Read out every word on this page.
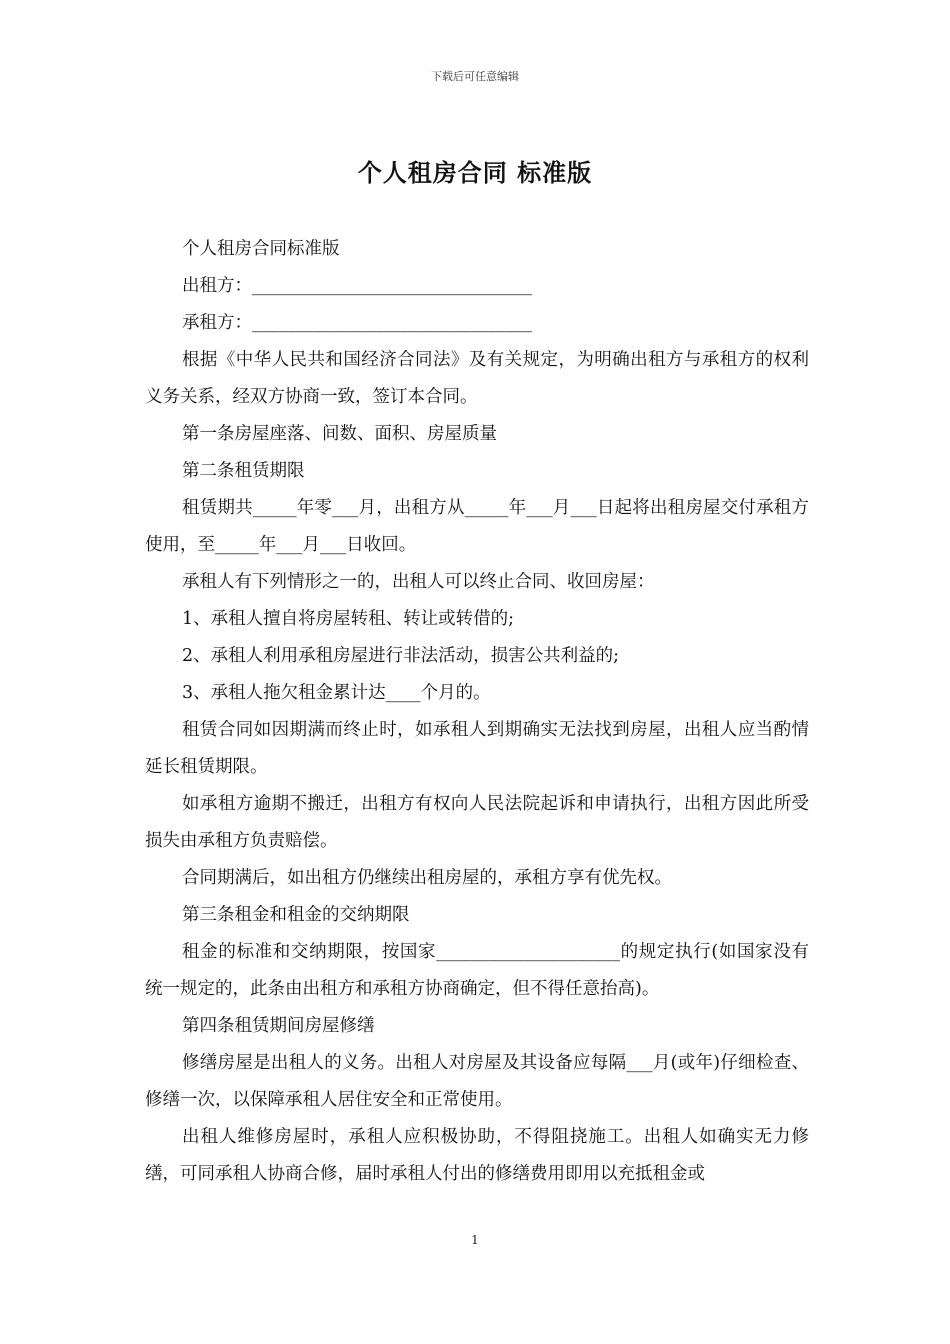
下载后可任意编辑
个人租房合同 标准版

个人租房合同标准版

出租方：________________________________

承租方：________________________________

根据《中华人民共和国经济合同法》及有关规定，为明确出租方与承租方的权利义务关系，经双方协商一致，签订本合同。

第一条房屋座落、间数、面积、房屋质量

第二条租赁期限

租赁期共_____年零___月，出租方从_____年___月___日起将出租房屋交付承租方使用，至_____年___月___日收回。

承租人有下列情形之一的，出租人可以终止合同、收回房屋：

1、承租人擅自将房屋转租、转让或转借的;

2、承租人利用承租房屋进行非法活动，损害公共利益的;

3、承租人拖欠租金累计达____个月的。

租赁合同如因期满而终止时，如承租人到期确实无法找到房屋，出租人应当酌情延长租赁期限。

如承租方逾期不搬迁，出租方有权向人民法院起诉和申请执行，出租方因此所受损失由承租方负责赔偿。

合同期满后，如出租方仍继续出租房屋的，承租方享有优先权。

第三条租金和租金的交纳期限

租金的标准和交纳期限，按国家_____________________的规定执行(如国家没有统一规定的，此条由出租方和承租方协商确定，但不得任意抬高)。

第四条租赁期间房屋修缮

修缮房屋是出租人的义务。出租人对房屋及其设备应每隔___月(或年)仔细检查、修缮一次，以保障承租人居住安全和正常使用。

出租人维修房屋时，承租人应积极协助，不得阻挠施工。出租人如确实无力修缮，可同承租人协商合修，届时承租人付出的修缮费用即用以充抵租金或

1
